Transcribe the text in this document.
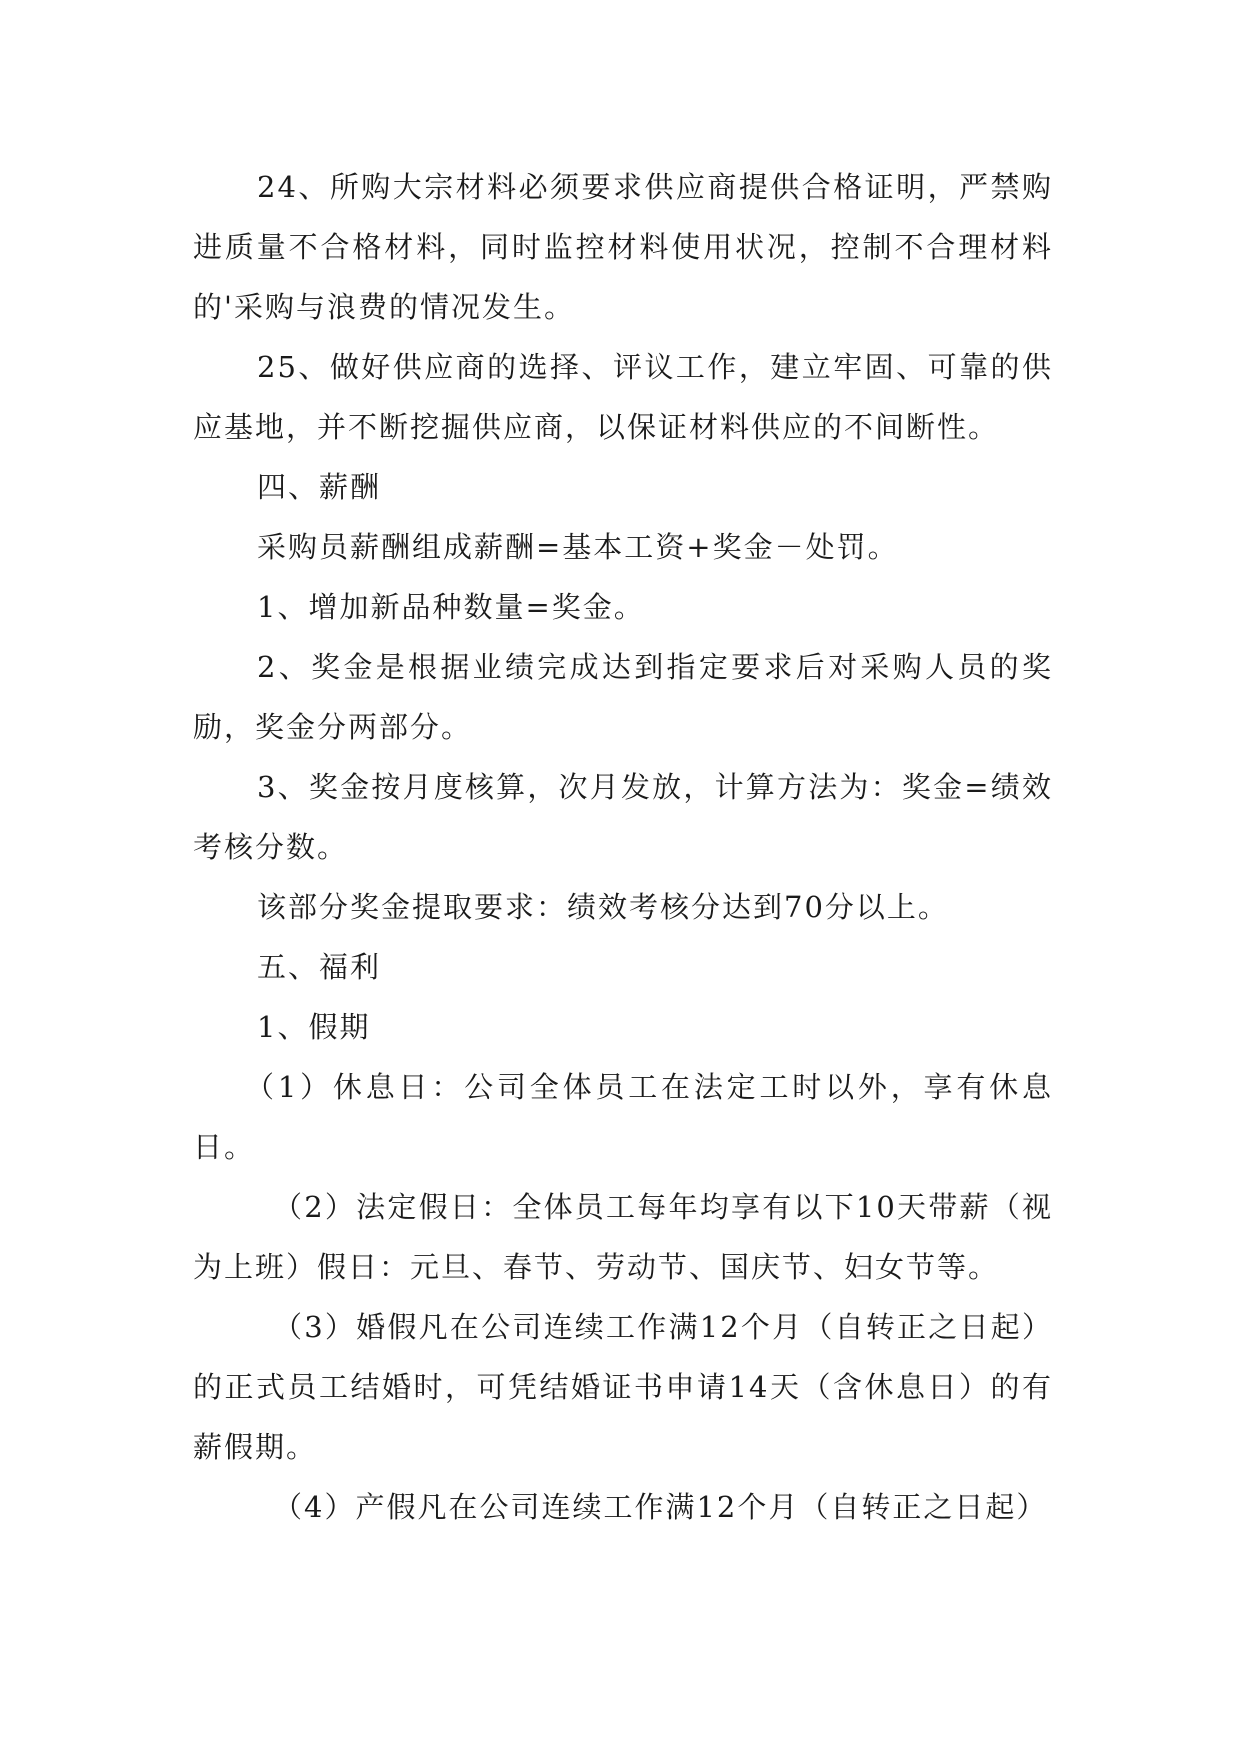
24、所购大宗材料必须要求供应商提供合格证明，严禁购进质量不合格材料，同时监控材料使用状况，控制不合理材料的'采购与浪费的情况发生。

25、做好供应商的选择、评议工作，建立牢固、可靠的供应基地，并不断挖掘供应商，以保证材料供应的不间断性。

四、薪酬

采购员薪酬组成薪酬=基本工资+奖金－处罚。

1、增加新品种数量=奖金。

2、奖金是根据业绩完成达到指定要求后对采购人员的奖励，奖金分两部分。

3、奖金按月度核算，次月发放，计算方法为：奖金=绩效考核分数。

该部分奖金提取要求：绩效考核分达到70分以上。

五、福利

1、假期

（1）休息日：公司全体员工在法定工时以外，享有休息日。

（2）法定假日：全体员工每年均享有以下10天带薪（视为上班）假日：元旦、春节、劳动节、国庆节、妇女节等。

（3）婚假凡在公司连续工作满12个月（自转正之日起）的正式员工结婚时，可凭结婚证书申请14天（含休息日）的有薪假期。

（4）产假凡在公司连续工作满12个月（自转正之日起）
